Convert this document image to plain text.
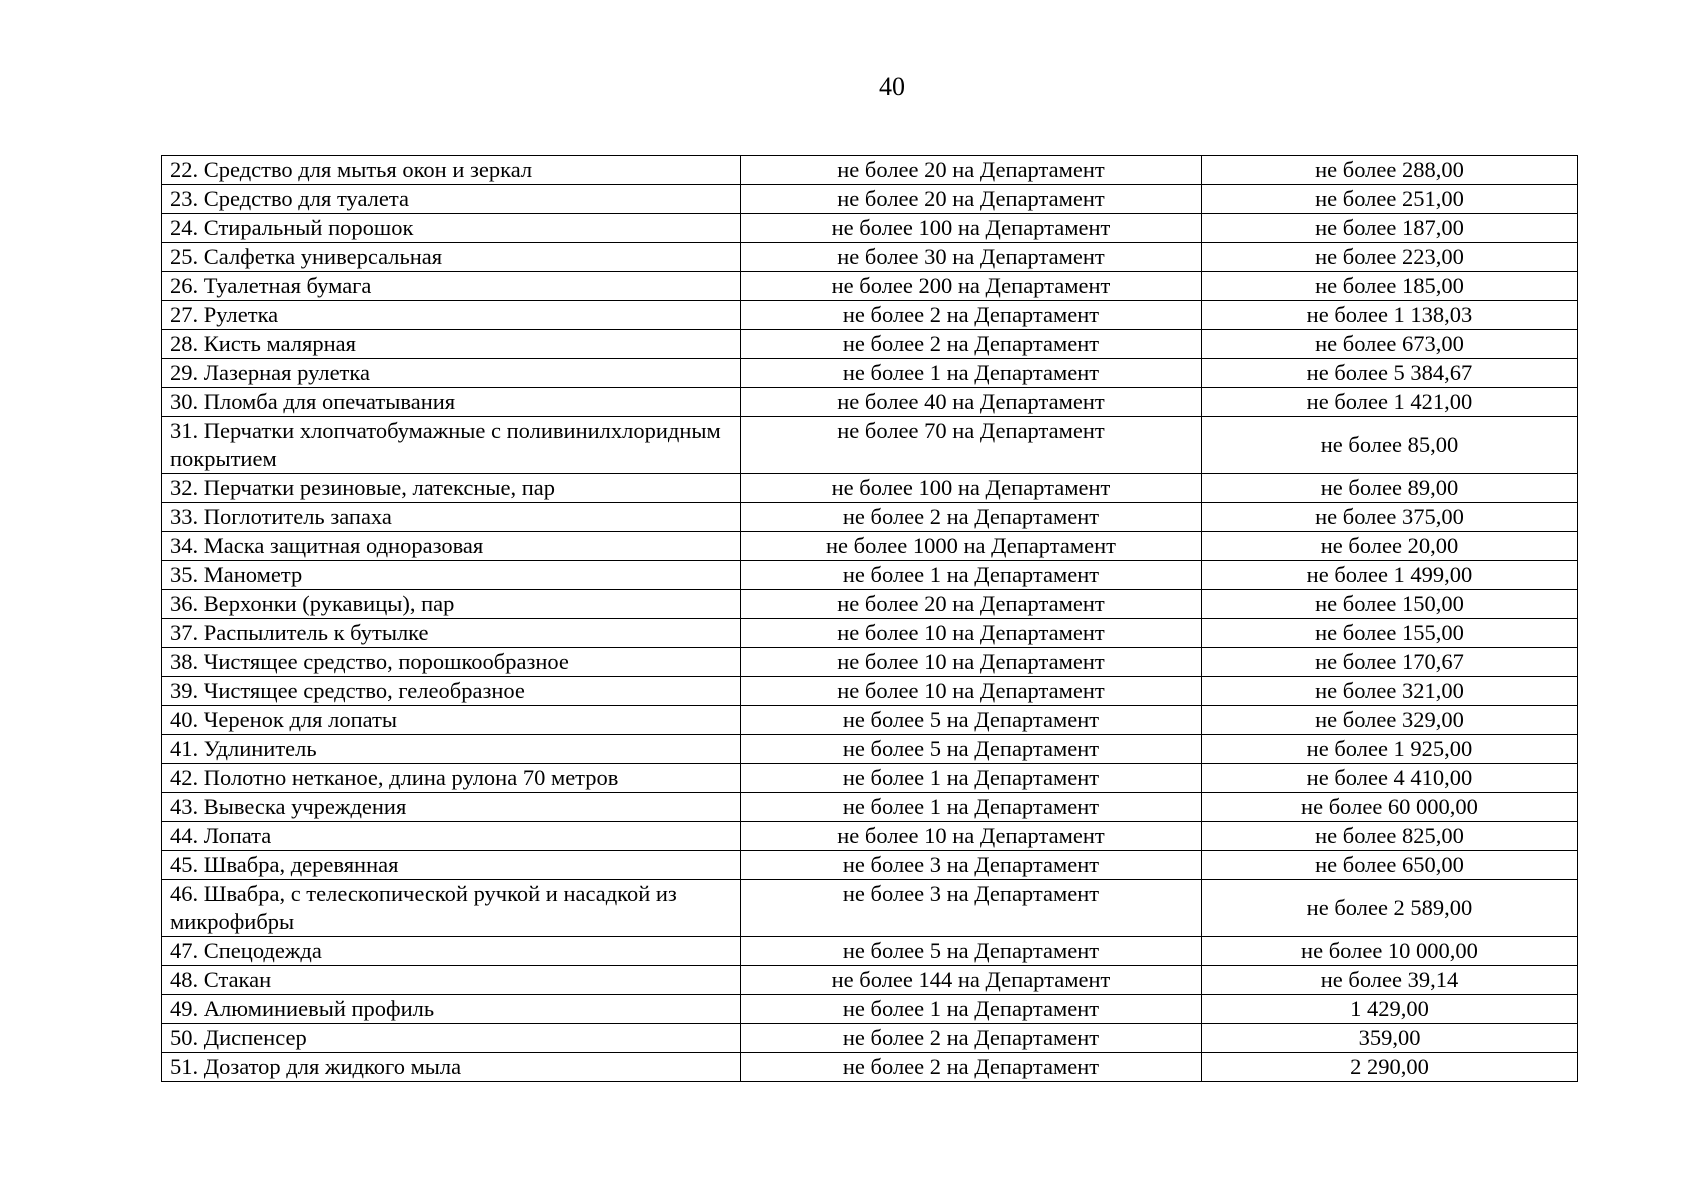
40
22. Средство для мытья окон и зеркал	не более 20 на Департамент	не более 288,00
23. Средство для туалета	не более 20 на Департамент	не более 251,00
24. Стиральный порошок	не более 100 на Департамент	не более 187,00
25. Салфетка универсальная	не более 30 на Департамент	не более 223,00
26. Туалетная бумага	не более 200 на Департамент	не более 185,00
27. Рулетка	не более 2 на Департамент	не более 1 138,03
28. Кисть малярная	не более 2 на Департамент	не более 673,00
29. Лазерная рулетка	не более 1 на Департамент	не более 5 384,67
30. Пломба для опечатывания	не более 40 на Департамент	не более 1 421,00
31. Перчатки хлопчатобумажные с поливинилхлоридным покрытием	не более 70 на Департамент	не более 85,00
32. Перчатки резиновые, латексные, пар	не более 100 на Департамент	не более 89,00
33. Поглотитель запаха	не более 2 на Департамент	не более 375,00
34. Маска защитная одноразовая	не более 1000 на Департамент	не более 20,00
35. Манометр	не более 1 на Департамент	не более 1 499,00
36. Верхонки (рукавицы), пар	не более 20 на Департамент	не более 150,00
37. Распылитель к бутылке	не более 10 на Департамент	не более 155,00
38. Чистящее средство, порошкообразное	не более 10 на Департамент	не более 170,67
39. Чистящее средство, гелеобразное	не более 10 на Департамент	не более 321,00
40. Черенок для лопаты	не более 5 на Департамент	не более 329,00
41. Удлинитель	не более 5 на Департамент	не более 1 925,00
42. Полотно нетканое, длина рулона 70 метров	не более 1 на Департамент	не более 4 410,00
43. Вывеска учреждения	не более 1 на Департамент	не более 60 000,00
44. Лопата	не более 10 на Департамент	не более 825,00
45. Швабра, деревянная	не более 3 на Департамент	не более 650,00
46. Швабра, с телескопической ручкой и насадкой из микрофибры	не более 3 на Департамент	не более 2 589,00
47. Спецодежда	не более 5 на Департамент	не более 10 000,00
48. Стакан	не более 144 на Департамент	не более 39,14
49. Алюминиевый профиль	не более 1 на Департамент	1 429,00
50. Диспенсер	не более 2 на Департамент	359,00
51. Дозатор для жидкого мыла	не более 2 на Департамент	2 290,00
